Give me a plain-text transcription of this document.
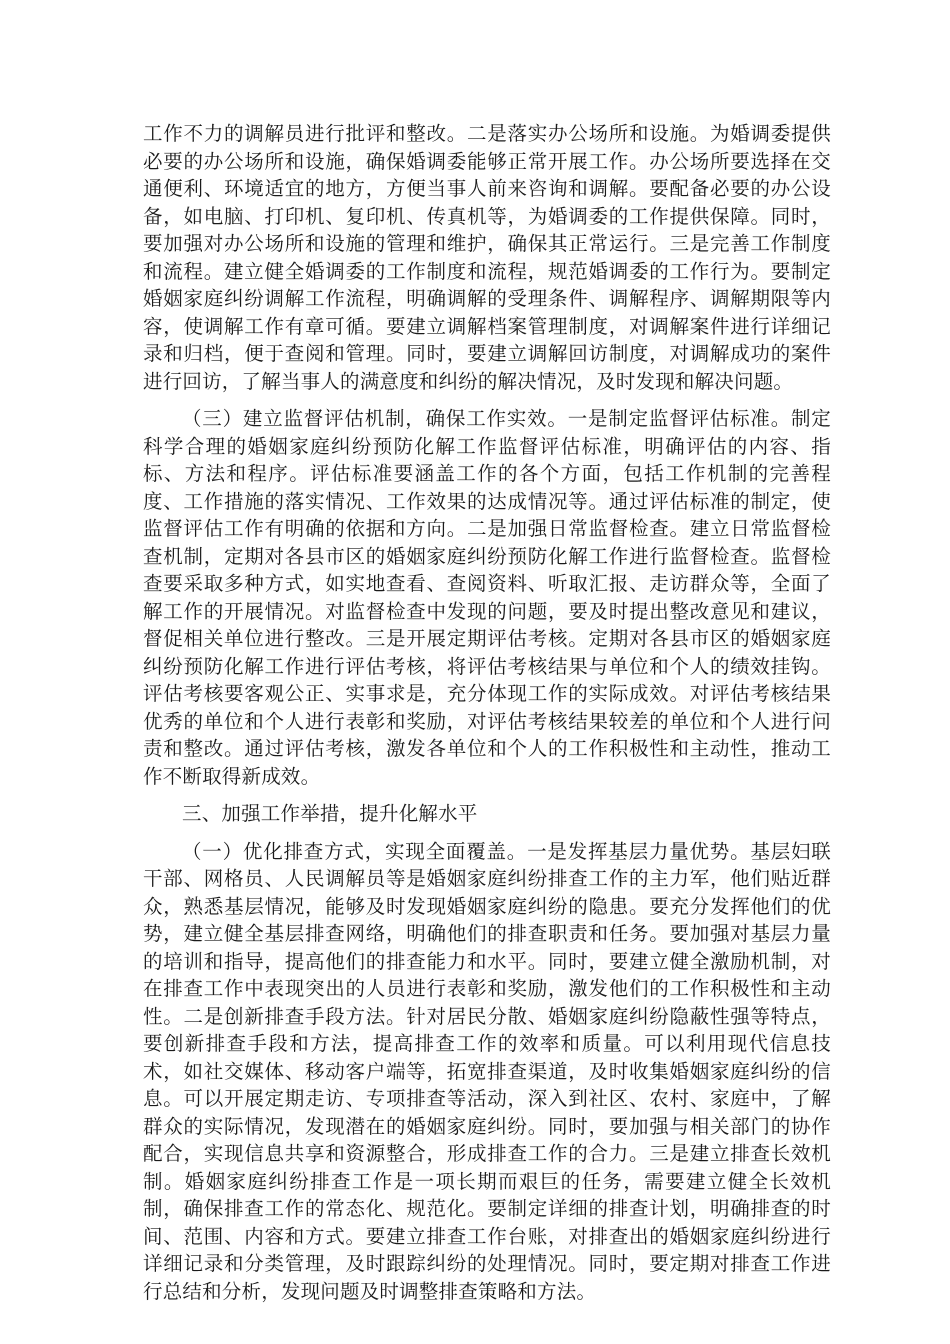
工作不力的调解员进行批评和整改。二是落实办公场所和设施。为婚调委提供必要的办公场所和设施，确保婚调委能够正常开展工作。办公场所要选择在交通便利、环境适宜的地方，方便当事人前来咨询和调解。要配备必要的办公设备，如电脑、打印机、复印机、传真机等，为婚调委的工作提供保障。同时，要加强对办公场所和设施的管理和维护，确保其正常运行。三是完善工作制度和流程。建立健全婚调委的工作制度和流程，规范婚调委的工作行为。要制定婚姻家庭纠纷调解工作流程，明确调解的受理条件、调解程序、调解期限等内容，使调解工作有章可循。要建立调解档案管理制度，对调解案件进行详细记录和归档，便于查阅和管理。同时，要建立调解回访制度，对调解成功的案件进行回访，了解当事人的满意度和纠纷的解决情况，及时发现和解决问题。

（三）建立监督评估机制，确保工作实效。一是制定监督评估标准。制定科学合理的婚姻家庭纠纷预防化解工作监督评估标准，明确评估的内容、指标、方法和程序。评估标准要涵盖工作的各个方面，包括工作机制的完善程度、工作措施的落实情况、工作效果的达成情况等。通过评估标准的制定，使监督评估工作有明确的依据和方向。二是加强日常监督检查。建立日常监督检查机制，定期对各县市区的婚姻家庭纠纷预防化解工作进行监督检查。监督检查要采取多种方式，如实地查看、查阅资料、听取汇报、走访群众等，全面了解工作的开展情况。对监督检查中发现的问题，要及时提出整改意见和建议，督促相关单位进行整改。三是开展定期评估考核。定期对各县市区的婚姻家庭纠纷预防化解工作进行评估考核，将评估考核结果与单位和个人的绩效挂钩。评估考核要客观公正、实事求是，充分体现工作的实际成效。对评估考核结果优秀的单位和个人进行表彰和奖励，对评估考核结果较差的单位和个人进行问责和整改。通过评估考核，激发各单位和个人的工作积极性和主动性，推动工作不断取得新成效。

三、加强工作举措，提升化解水平

（一）优化排查方式，实现全面覆盖。一是发挥基层力量优势。基层妇联干部、网格员、人民调解员等是婚姻家庭纠纷排查工作的主力军，他们贴近群众，熟悉基层情况，能够及时发现婚姻家庭纠纷的隐患。要充分发挥他们的优势，建立健全基层排查网络，明确他们的排查职责和任务。要加强对基层力量的培训和指导，提高他们的排查能力和水平。同时，要建立健全激励机制，对在排查工作中表现突出的人员进行表彰和奖励，激发他们的工作积极性和主动性。二是创新排查手段方法。针对居民分散、婚姻家庭纠纷隐蔽性强等特点，要创新排查手段和方法，提高排查工作的效率和质量。可以利用现代信息技术，如社交媒体、移动客户端等，拓宽排查渠道，及时收集婚姻家庭纠纷的信息。可以开展定期走访、专项排查等活动，深入到社区、农村、家庭中，了解群众的实际情况，发现潜在的婚姻家庭纠纷。同时，要加强与相关部门的协作配合，实现信息共享和资源整合，形成排查工作的合力。三是建立排查长效机制。婚姻家庭纠纷排查工作是一项长期而艰巨的任务，需要建立健全长效机制，确保排查工作的常态化、规范化。要制定详细的排查计划，明确排查的时间、范围、内容和方式。要建立排查工作台账，对排查出的婚姻家庭纠纷进行详细记录和分类管理，及时跟踪纠纷的处理情况。同时，要定期对排查工作进行总结和分析，发现问题及时调整排查策略和方法。
